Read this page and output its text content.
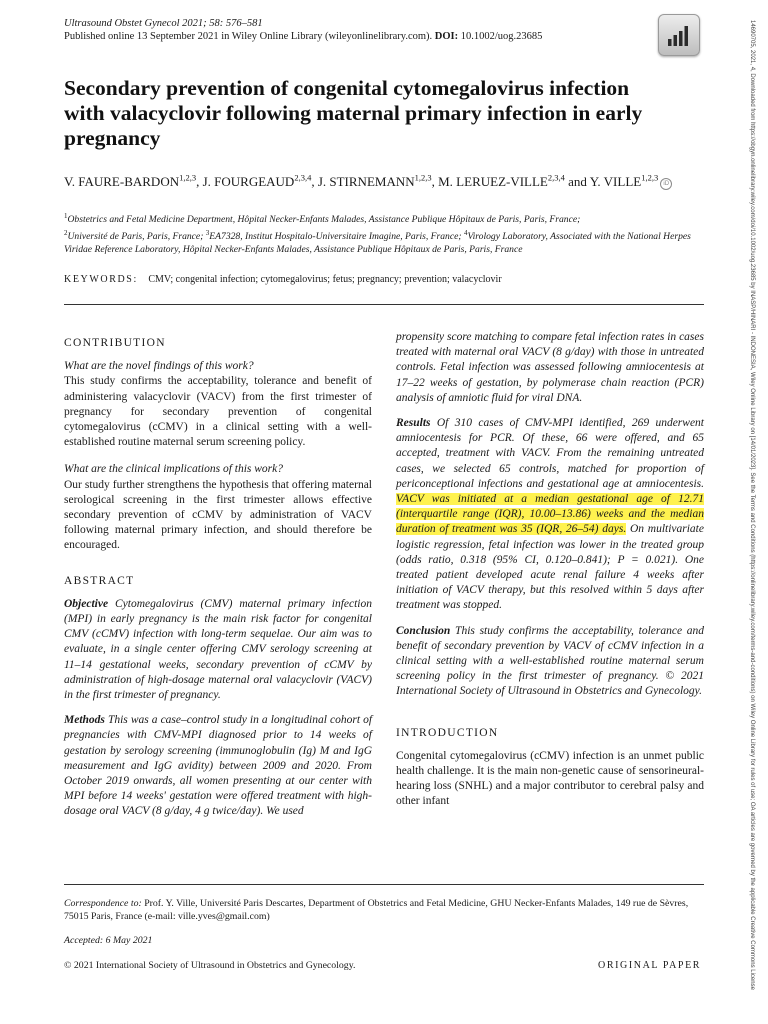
Ultrasound Obstet Gynecol 2021; 58: 576–581
Published online 13 September 2021 in Wiley Online Library (wileyonlinelibrary.com). DOI: 10.1002/uog.23685
Secondary prevention of congenital cytomegalovirus infection with valacyclovir following maternal primary infection in early pregnancy
V. FAURE-BARDON$^{1,2,3}$, J. FOURGEAUD$^{2,3,4}$, J. STIRNEMANN$^{1,2,3}$, M. LERUEZ-VILLE$^{2,3,4}$ and Y. VILLE$^{1,2,3}$iD
$^1$Obstetrics and Fetal Medicine Department, Hôpital Necker-Enfants Malades, Assistance Publique Hôpitaux de Paris, Paris, France;
$^2$Université de Paris, Paris, France; $^3$EA7328, Institut Hospitalo-Universitaire Imagine, Paris, France; $^4$Virology Laboratory, Associated with the National Herpes Viridae Reference Laboratory, Hôpital Necker-Enfants Malades, Assistance Publique Hôpitaux de Paris, Paris, France
KEYWORDS: CMV; congenital infection; cytomegalovirus; fetus; pregnancy; prevention; valacyclovir
CONTRIBUTION

What are the novel findings of this work?

This study confirms the acceptability, tolerance and benefit of administering valacyclovir (VACV) from the first trimester of pregnancy for secondary prevention of congenital cytomegalovirus (cCMV) in a clinical setting with a well-established routine maternal serum screening policy.

What are the clinical implications of this work?

Our study further strengthens the hypothesis that offering maternal serological screening in the first trimester allows effective secondary prevention of cCMV by administration of VACV following maternal primary infection, and should therefore be encouraged.

ABSTRACT

Objective Cytomegalovirus (CMV) maternal primary infection (MPI) in early pregnancy is the main risk factor for congenital CMV (cCMV) infection with long-term sequelae. Our aim was to evaluate, in a single center offering CMV serology screening at 11–14 gestational weeks, secondary prevention of cCMV by administration of high-dosage maternal oral valacyclovir (VACV) in the first trimester of pregnancy.

Methods This was a case–control study in a longitudinal cohort of pregnancies with CMV-MPI diagnosed prior to 14 weeks of gestation by serology screening (immunoglobulin (Ig) M and IgG measurement and IgG avidity) between 2009 and 2020. From October 2019 onwards, all women presenting at our center with MPI before 14 weeks' gestation were offered treatment with high-dosage oral VACV (8 g/day, 4 g twice/day). We used

propensity score matching to compare fetal infection rates in cases treated with maternal oral VACV (8 g/day) with those in untreated controls. Fetal infection was assessed following amniocentesis at 17–22 weeks of gestation, by polymerase chain reaction (PCR) analysis of amniotic fluid for viral DNA.

Results Of 310 cases of CMV-MPI identified, 269 underwent amniocentesis for PCR. Of these, 66 were offered, and 65 accepted, treatment with VACV. From the remaining untreated cases, we selected 65 controls, matched for proportion of periconceptional infections and gestational age at amniocentesis. VACV was initiated at a median gestational age of 12.71 (interquartile range (IQR), 10.00–13.86) weeks and the median duration of treatment was 35 (IQR, 26–54) days. On multivariate logistic regression, fetal infection was lower in the treated group (odds ratio, 0.318 (95% CI, 0.120–0.841); P = 0.021). One treated patient developed acute renal failure 4 weeks after initiation of VACV therapy, but this resolved within 5 days after treatment was stopped.

Conclusion This study confirms the acceptability, tolerance and benefit of secondary prevention by VACV of cCMV infection in a clinical setting with a well-established routine maternal serum screening policy in the first trimester of pregnancy. © 2021 International Society of Ultrasound in Obstetrics and Gynecology.

INTRODUCTION

Congenital cytomegalovirus (cCMV) infection is an unmet public health challenge. It is the main non-genetic cause of sensorineural-hearing loss (SNHL) and a major contributor to cerebral palsy and other infant

Correspondence to: Prof. Y. Ville, Université Paris Descartes, Department of Obstetrics and Fetal Medicine, GHU Necker-Enfants Malades, 149 rue de Sèvres, 75015 Paris, France (e-mail: ville.yves@gmail.com)
Accepted: 6 May 2021
© 2021 International Society of Ultrasound in Obstetrics and Gynecology.	ORIGINAL PAPER	14690705, 2021, 4, Downloaded from https://obgyn.onlinelibrary.wiley.com/doi/10.1002/uog.23685 by INASP/HINARI - INDONESIA, Wiley Online Library on [14/01/2023]. See the Terms and Conditions (https://onlinelibrary.wiley.com/terms-and-conditions) on Wiley Online Library for rules of use; OA articles are governed by the applicable Creative Commons License
